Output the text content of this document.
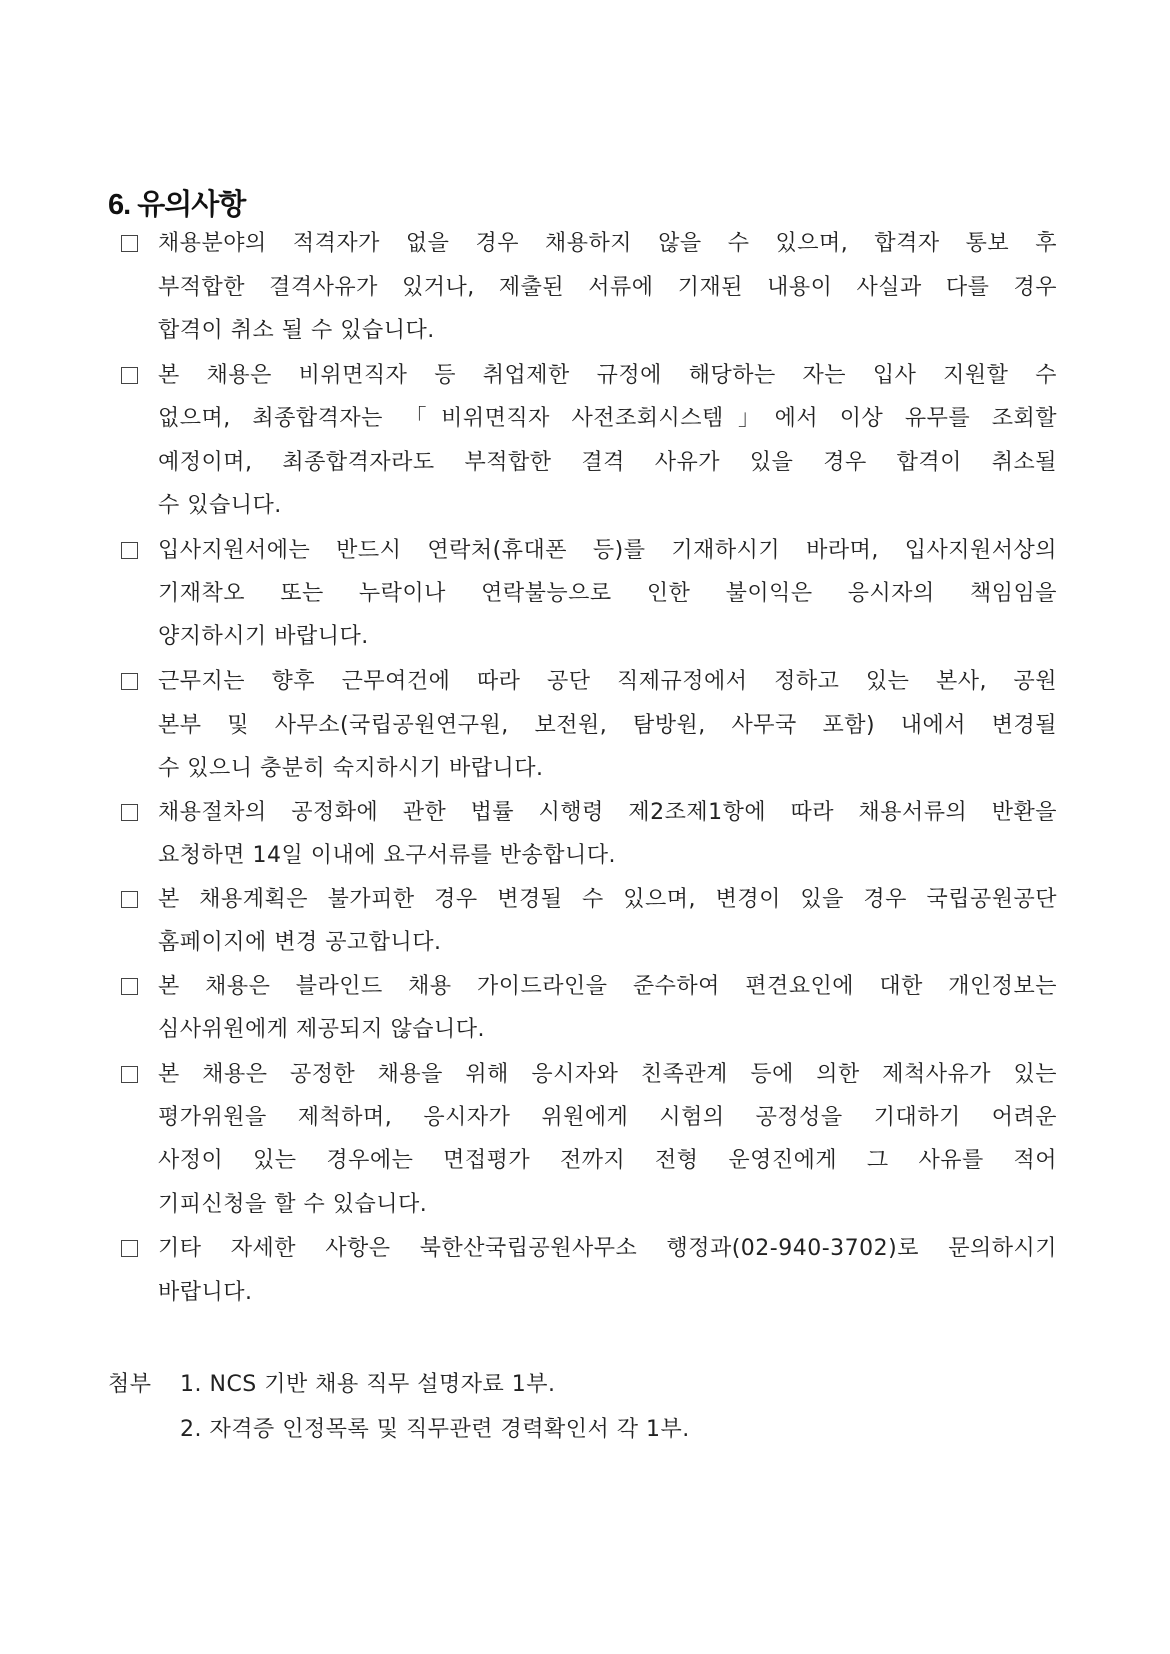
6. 유의사항
채용분야의 적격자가 없을 경우 채용하지 않을 수 있으며, 합격자 통보 후
부적합한 결격사유가 있거나, 제출된 서류에 기재된 내용이 사실과 다를 경우
합격이 취소 될 수 있습니다.
본 채용은 비위면직자 등 취업제한 규정에 해당하는 자는 입사 지원할 수
없으며, 최종합격자는 「비위면직자 사전조회시스템」에서 이상 유무를 조회할
예정이며, 최종합격자라도 부적합한 결격 사유가 있을 경우 합격이 취소될
수 있습니다.
입사지원서에는 반드시 연락처(휴대폰 등)를 기재하시기 바라며, 입사지원서상의
기재착오 또는 누락이나 연락불능으로 인한 불이익은 응시자의 책임임을
양지하시기 바랍니다.
근무지는 향후 근무여건에 따라 공단 직제규정에서 정하고 있는 본사, 공원
본부 및 사무소(국립공원연구원, 보전원, 탐방원, 사무국 포함) 내에서 변경될
수 있으니 충분히 숙지하시기 바랍니다.
채용절차의 공정화에 관한 법률 시행령 제2조제1항에 따라 채용서류의 반환을
요청하면 14일 이내에 요구서류를 반송합니다.
본 채용계획은 불가피한 경우 변경될 수 있으며, 변경이 있을 경우 국립공원공단
홈페이지에 변경 공고합니다.
본 채용은 블라인드 채용 가이드라인을 준수하여 편견요인에 대한 개인정보는
심사위원에게 제공되지 않습니다.
본 채용은 공정한 채용을 위해 응시자와 친족관계 등에 의한 제척사유가 있는
평가위원을 제척하며, 응시자가 위원에게 시험의 공정성을 기대하기 어려운
사정이 있는 경우에는 면접평가 전까지 전형 운영진에게 그 사유를 적어
기피신청을 할 수 있습니다.
기타 자세한 사항은 북한산국립공원사무소 행정과(02-940-3702)로 문의하시기
바랍니다.
첨부 1. NCS 기반 채용 직무 설명자료 1부.
2. 자격증 인정목록 및 직무관련 경력확인서 각 1부.
